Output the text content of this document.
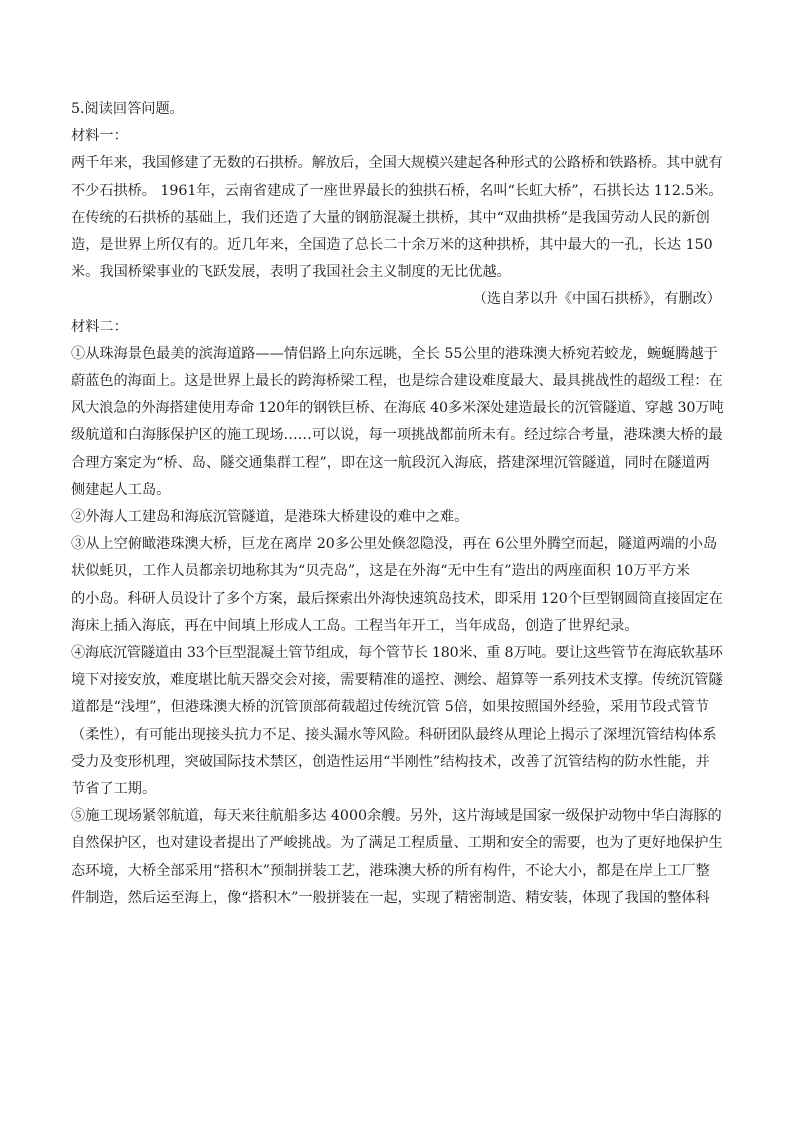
5.阅读回答问题。
材料一：
两千年来，我国修建了无数的石拱桥。解放后，全国大规模兴建起各种形式的公路桥和铁路桥。其中就有
不少石拱桥。 1961年，云南省建成了一座世界最长的独拱石桥，名叫“长虹大桥”，石拱长达 112.5米。
在传统的石拱桥的基础上，我们还造了大量的钢筋混凝土拱桥，其中“双曲拱桥”是我国劳动人民的新创
造，是世界上所仅有的。近几年来，全国造了总长二十余万米的这种拱桥，其中最大的一孔，长达 150
米。我国桥梁事业的飞跃发展，表明了我国社会主义制度的无比优越。
（选自茅以升《中国石拱桥》，有删改）
材料二：
①从珠海景色最美的滨海道路——情侣路上向东远眺，全长 55公里的港珠澳大桥宛若蛟龙，蜿蜒腾越于
蔚蓝色的海面上。这是世界上最长的跨海桥梁工程，也是综合建设难度最大、最具挑战性的超级工程：在
风大浪急的外海搭建使用寿命 120年的钢铁巨桥、在海底 40多米深处建造最长的沉管隧道、穿越 30万吨
级航道和白海豚保护区的施工现场……可以说，每一项挑战都前所未有。经过综合考量，港珠澳大桥的最
合理方案定为“桥、岛、隧交通集群工程”，即在这一航段沉入海底，搭建深埋沉管隧道，同时在隧道两
侧建起人工岛。
②外海人工建岛和海底沉管隧道，是港珠大桥建设的难中之难。
③从上空俯瞰港珠澳大桥，巨龙在离岸 20多公里处倏忽隐没，再在 6公里外腾空而起，隧道两端的小岛
状似蚝贝，工作人员都亲切地称其为“贝壳岛”，这是在外海“无中生有”造出的两座面积 10万平方米
的小岛。科研人员设计了多个方案，最后探索出外海快速筑岛技术，即采用 120个巨型钢圆筒直接固定在
海床上插入海底，再在中间填上形成人工岛。工程当年开工，当年成岛，创造了世界纪录。
④海底沉管隧道由 33个巨型混凝土管节组成，每个管节长 180米、重 8万吨。要让这些管节在海底软基环
境下对接安放，难度堪比航天器交会对接，需要精准的遥控、测绘、超算等一系列技术支撑。传统沉管隧
道都是“浅埋”，但港珠澳大桥的沉管顶部荷载超过传统沉管 5倍，如果按照国外经验，采用节段式管节
（柔性），有可能出现接头抗力不足、接头漏水等风险。科研团队最终从理论上揭示了深埋沉管结构体系
受力及变形机理，突破国际技术禁区，创造性运用“半刚性”结构技术，改善了沉管结构的防水性能，并
节省了工期。
⑤施工现场紧邻航道，每天来往航船多达 4000余艘。另外，这片海域是国家一级保护动物中华白海豚的
自然保护区，也对建设者提出了严峻挑战。为了满足工程质量、工期和安全的需要，也为了更好地保护生
态环境，大桥全部采用“搭积木”预制拼装工艺，港珠澳大桥的所有构件，不论大小，都是在岸上工厂整
件制造，然后运至海上，像“搭积木”一般拼装在一起，实现了精密制造、精安装，体现了我国的整体科
